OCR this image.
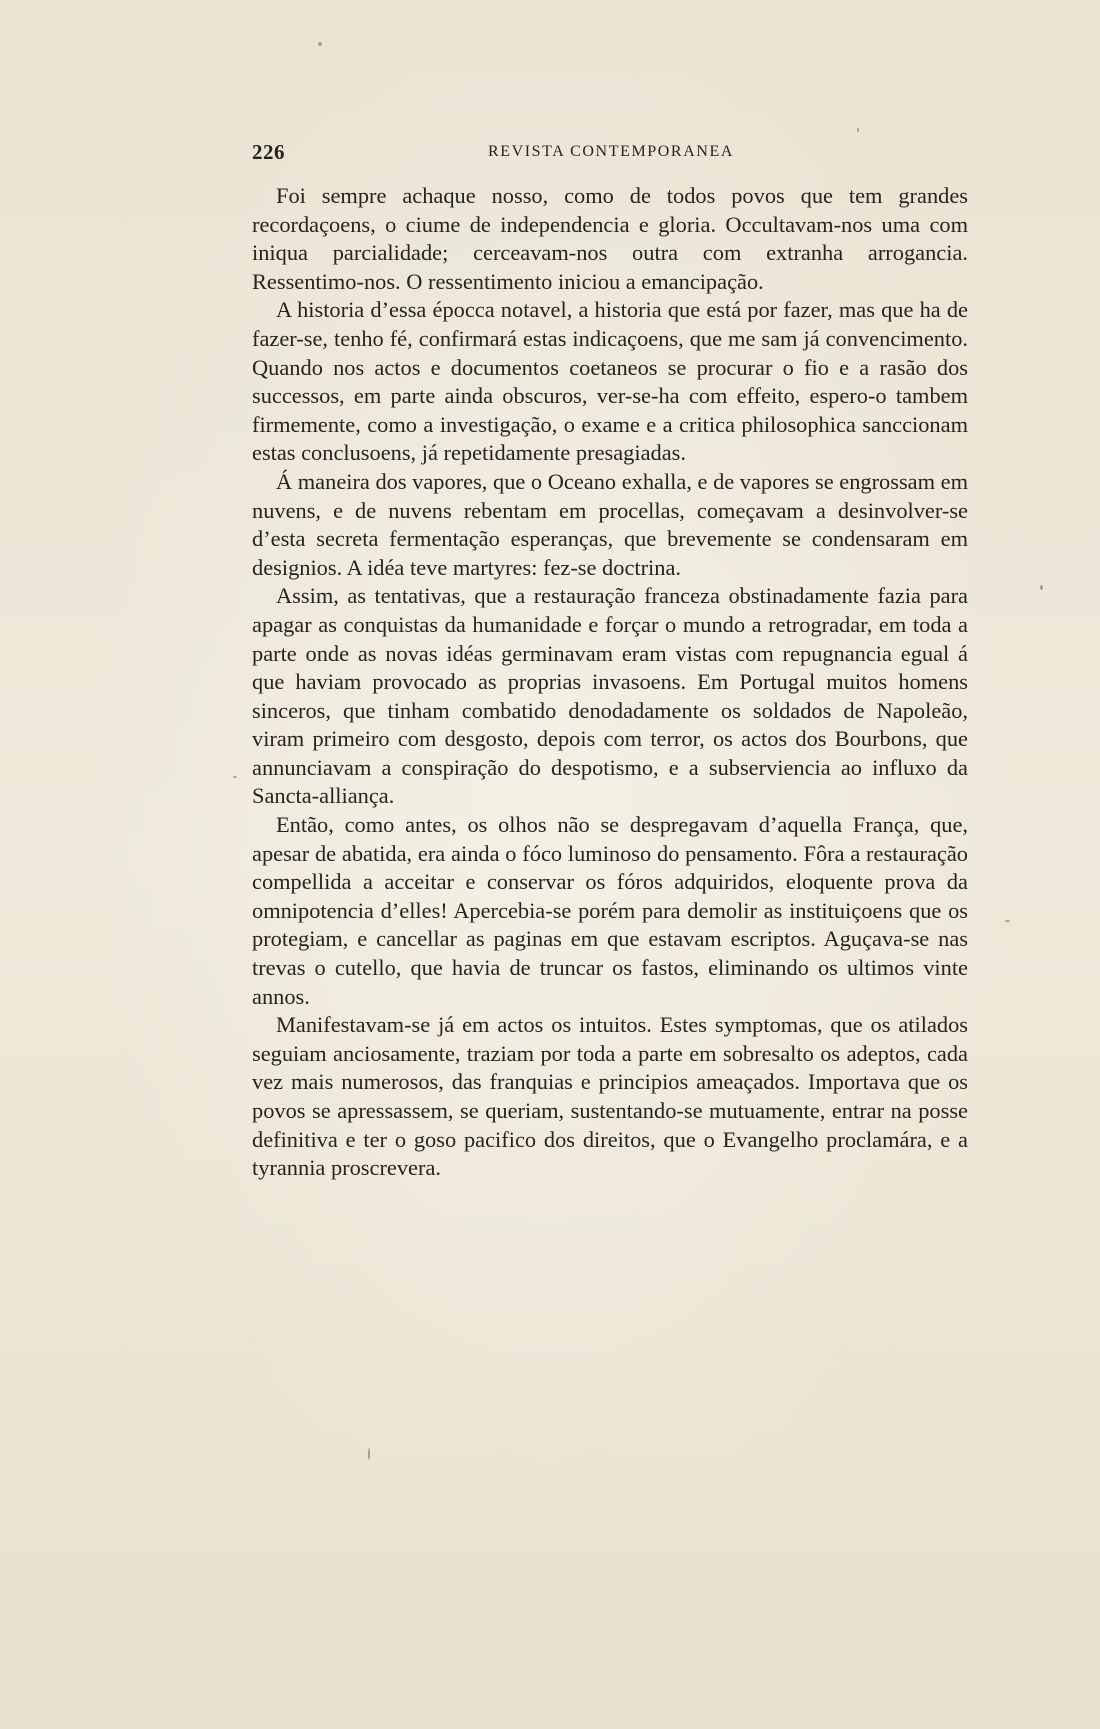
226	REVISTA CONTEMPORANEA

Foi sempre achaque nosso, como de todos povos que tem grandes recordaçoens, o ciume de independencia e gloria. Occultavam-nos uma com iniqua parcialidade; cerceavam-nos outra com extranha arrogancia. Ressentimo-nos. O ressentimento iniciou a emancipação.

A historia d’essa épocca notavel, a historia que está por fazer, mas que ha de fazer-se, tenho fé, confirmará estas indicaçoens, que me sam já convencimento. Quando nos actos e documentos coetaneos se procurar o fio e a rasão dos successos, em parte ainda obscuros, ver-se-ha com effeito, espero-o tambem firmemente, como a investigação, o exame e a critica philosophica sanccionam estas conclusoens, já repetidamente presagiadas.

Á maneira dos vapores, que o Oceano exhalla, e de vapores se engrossam em nuvens, e de nuvens rebentam em procellas, começavam a desinvolver-se d’esta secreta fermentação esperanças, que brevemente se condensaram em designios. A idéa teve martyres: fez-se doctrina.

Assim, as tentativas, que a restauração franceza obstinadamente fazia para apagar as conquistas da humanidade e forçar o mundo a retrogradar, em toda a parte onde as novas idéas germinavam eram vistas com repugnancia egual á que haviam provocado as proprias invasoens. Em Portugal muitos homens sinceros, que tinham combatido denodadamente os soldados de Napoleão, viram primeiro com desgosto, depois com terror, os actos dos Bourbons, que annunciavam a conspiração do despotismo, e a subserviencia ao influxo da Sancta-alliança.

Então, como antes, os olhos não se despregavam d’aquella França, que, apesar de abatida, era ainda o fóco luminoso do pensamento. Fôra a restauração compellida a acceitar e conservar os fóros adquiridos, eloquente prova da omnipotencia d’elles! Apercebia-se porém para demolir as instituiçoens que os protegiam, e cancellar as paginas em que estavam escriptos. Aguçava-se nas trevas o cutello, que havia de truncar os fastos, eliminando os ultimos vinte annos.

Manifestavam-se já em actos os intuitos. Estes symptomas, que os atilados seguiam anciosamente, traziam por toda a parte em sobresalto os adeptos, cada vez mais numerosos, das franquias e principios ameaçados. Importava que os povos se apressassem, se queriam, sustentando-se mutuamente, entrar na posse definitiva e ter o goso pacifico dos direitos, que o Evangelho proclamára, e a tyrannia proscrevera.
